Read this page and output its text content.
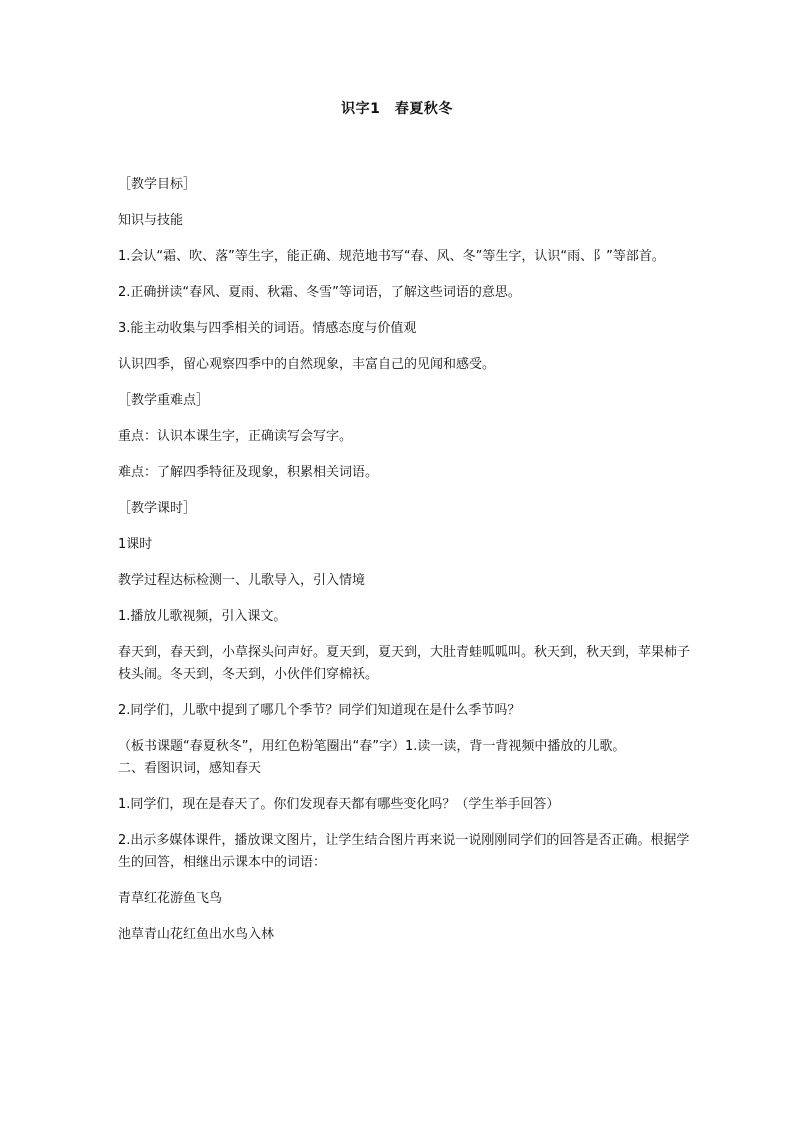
识字1　春夏秋冬

［教学目标］

知识与技能

1.会认“霜、吹、落”等生字，能正确、规范地书写“春、风、冬”等生字，认识“雨、阝”等部首。

2.正确拼读“春风、夏雨、秋霜、冬雪”等词语，了解这些词语的意思。

3.能主动收集与四季相关的词语。情感态度与价值观

认识四季，留心观察四季中的自然现象，丰富自己的见闻和感受。

［教学重难点］

重点：认识本课生字，正确读写会写字。

难点：了解四季特征及现象，积累相关词语。

［教学课时］

1课时

教学过程达标检测一、儿歌导入，引入情境

1.播放儿歌视频，引入课文。

春天到，春天到，小草探头问声好。夏天到，夏天到，大肚青蛙呱呱叫。秋天到，秋天到，苹果柿子枝头闹。冬天到，冬天到，小伙伴们穿棉袄。

2.同学们，儿歌中提到了哪几个季节？同学们知道现在是什么季节吗？

（板书课题“春夏秋冬”，用红色粉笔圈出“春”字）1.读一读，背一背视频中播放的儿歌。

二、看图识词，感知春天

1.同学们，现在是春天了。你们发现春天都有哪些变化吗？（学生举手回答）

2.出示多媒体课件，播放课文图片，让学生结合图片再来说一说刚刚同学们的回答是否正确。根据学生的回答，相继出示课本中的词语：

青草红花游鱼飞鸟

池草青山花红鱼出水鸟入林
